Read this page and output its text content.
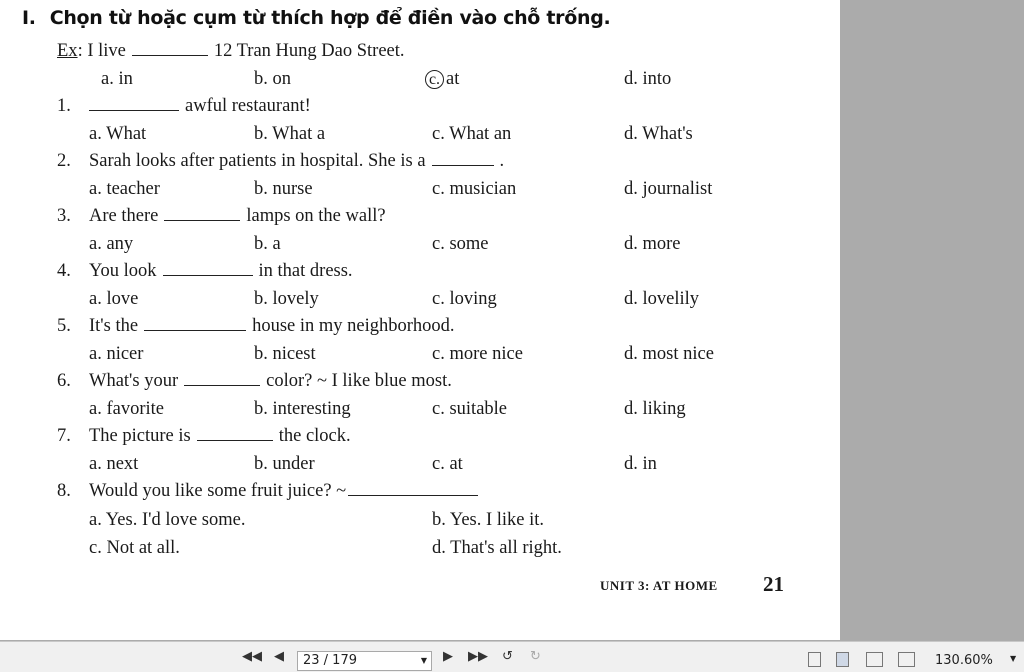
I. Chọn từ hoặc cụm từ thích hợp để điền vào chỗ trống.
Ex: I live	12 Tran Hung Dao Street.
a. in	b. on	c. at	d. into
1.	awful restaurant!
a. What	b. What a	c. What an	d. What's
2. Sarah looks after patients in hospital. She is a	.
a. teacher	b. nurse	c. musician	d. journalist
3. Are there	lamps on the wall?
a. any	b. a	c. some	d. more
4. You look	in that dress.
a. love	b. lovely	c. loving	d. lovelily
5. It's the	house in my neighborhood.
a. nicer	b. nicest	c. more nice	d. most nice
6. What's your	color? ~ I like blue most.
a. favorite	b. interesting	c. suitable	d. liking
7. The picture is	the clock.
a. next	b. under	c. at	d. in
8. Would you like some fruit juice? ~
a. Yes. I'd love some.	b. Yes. I like it.
c. Not at all.	d. That's all right.
UNIT 3: AT HOME 21
◀◀ ◀	23 / 179	▼ ▶ ▶▶ ↺ ↻	130.60% ▼
